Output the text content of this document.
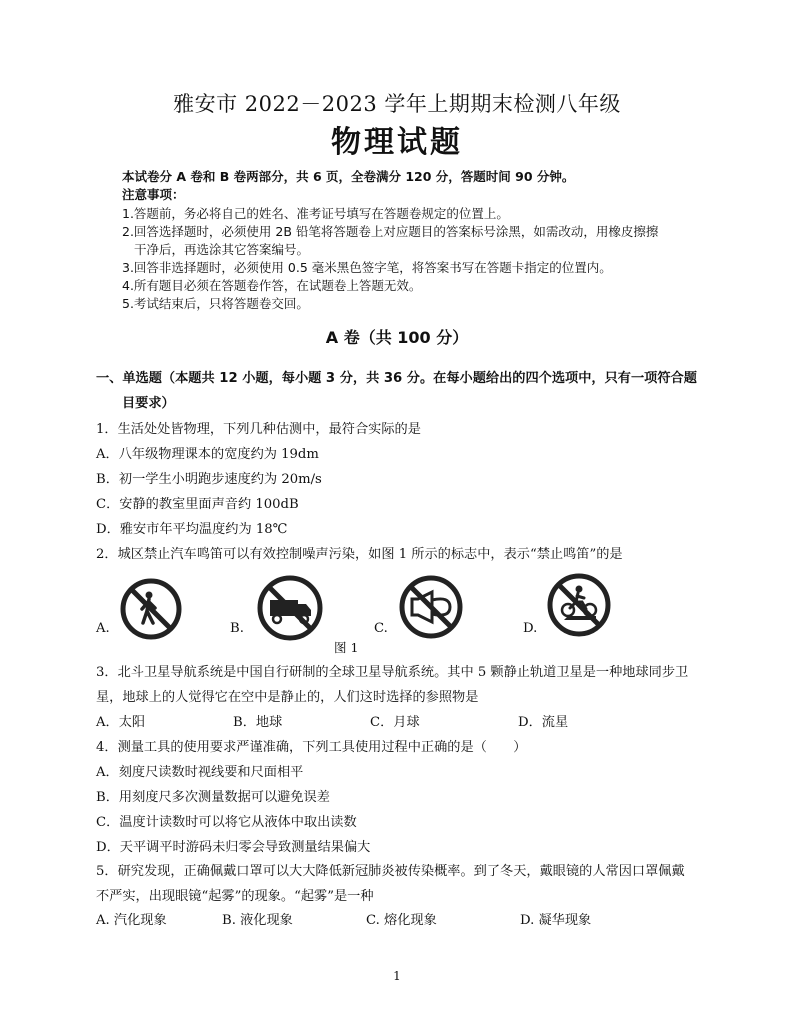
雅安市 2022－2023 学年上期期末检测八年级
物理试题
本试卷分 A 卷和 B 卷两部分，共 6 页，全卷满分 120 分，答题时间 90 分钟。
注意事项：
1.答题前，务必将自己的姓名、准考证号填写在答题卷规定的位置上。
2.回答选择题时，必须使用 2B 铅笔将答题卷上对应题目的答案标号涂黑，如需改动，用橡皮擦擦
干净后，再选涂其它答案编号。
3.回答非选择题时，必须使用 0.5 毫米黑色签字笔，将答案书写在答题卡指定的位置内。
4.所有题目必须在答题卷作答，在试题卷上答题无效。
5.考试结束后，只将答题卷交回。
A 卷（共 100 分）
一、单选题（本题共 12 小题，每小题 3 分，共 36 分。在每小题给出的四个选项中，只有一项符合题
目要求）
1．生活处处皆物理，下列几种估测中，最符合实际的是
A．八年级物理课本的宽度约为 19dm
B．初一学生小明跑步速度约为 20m/s
C．安静的教室里面声音约 100dB
D．雅安市年平均温度约为 18℃
2．城区禁止汽车鸣笛可以有效控制噪声污染，如图 1 所示的标志中，表示“禁止鸣笛”的是
A.	B.	C.	D.
图 1
3．北斗卫星导航系统是中国自行研制的全球卫星导航系统。其中 5 颗静止轨道卫星是一种地球同步卫
星，地球上的人觉得它在空中是静止的，人们这时选择的参照物是
A．太阳	B．地球	C．月球	D．流星
4．测量工具的使用要求严谨准确，下列工具使用过程中正确的是（　　）
A．刻度尺读数时视线要和尺面相平
B．用刻度尺多次测量数据可以避免误差
C．温度计读数时可以将它从液体中取出读数
D．天平调平时游码未归零会导致测量结果偏大
5．研究发现，正确佩戴口罩可以大大降低新冠肺炎被传染概率。到了冬天，戴眼镜的人常因口罩佩戴
不严实，出现眼镜“起雾”的现象。“起雾”是一种
A. 汽化现象	B. 液化现象	C. 熔化现象	D. 凝华现象
1
